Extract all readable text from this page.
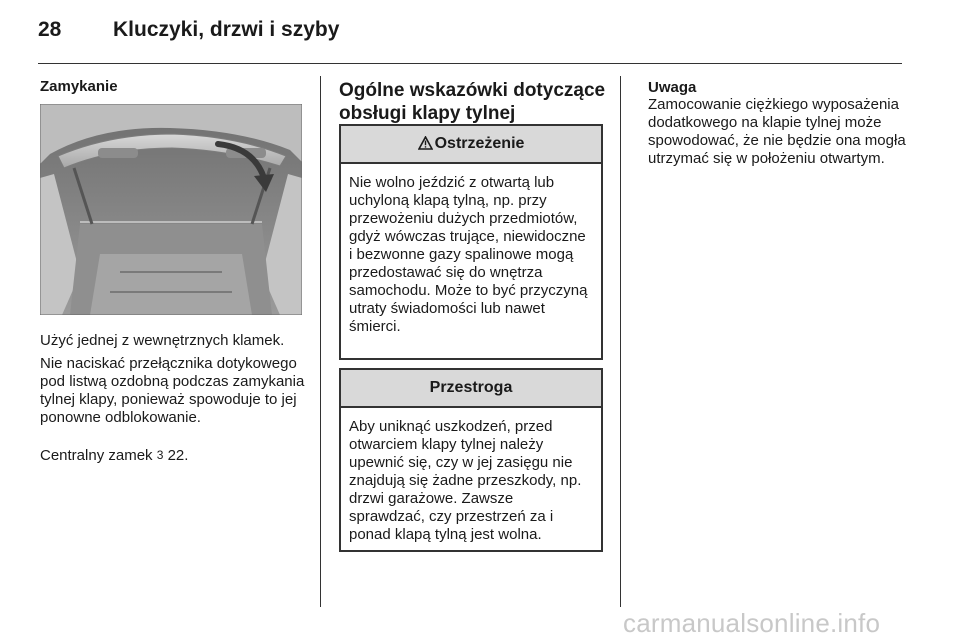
28 Kluczyki, drzwi i szyby
Zamykanie
Użyć jednej z wewnętrznych klamek.
Nie naciskać przełącznika dotykowego pod listwą ozdobną podczas zamykania tylnej klapy, ponieważ spowoduje to jej ponowne odblokowanie.
Centralny zamek 3 22.
Ogólne wskazówki dotyczące obsługi klapy tylnej
Ostrzeżenie
Nie wolno jeździć z otwartą lub uchyloną klapą tylną, np. przy przewożeniu dużych przedmiotów, gdyż wówczas trujące, niewidoczne i bezwonne gazy spalinowe mogą przedostawać się do wnętrza samochodu. Może to być przyczyną utraty świadomości lub nawet śmierci.
Przestroga
Aby uniknąć uszkodzeń, przed otwarciem klapy tylnej należy upewnić się, czy w jej zasięgu nie znajdują się żadne przeszkody, np. drzwi garażowe. Zawsze sprawdzać, czy przestrzeń za i ponad klapą tylną jest wolna.
Uwaga
Zamocowanie ciężkiego wyposażenia dodatkowego na klapie tylnej może spowodować, że nie będzie ona mogła utrzymać się w położeniu otwartym.
carmanualsonline.info
